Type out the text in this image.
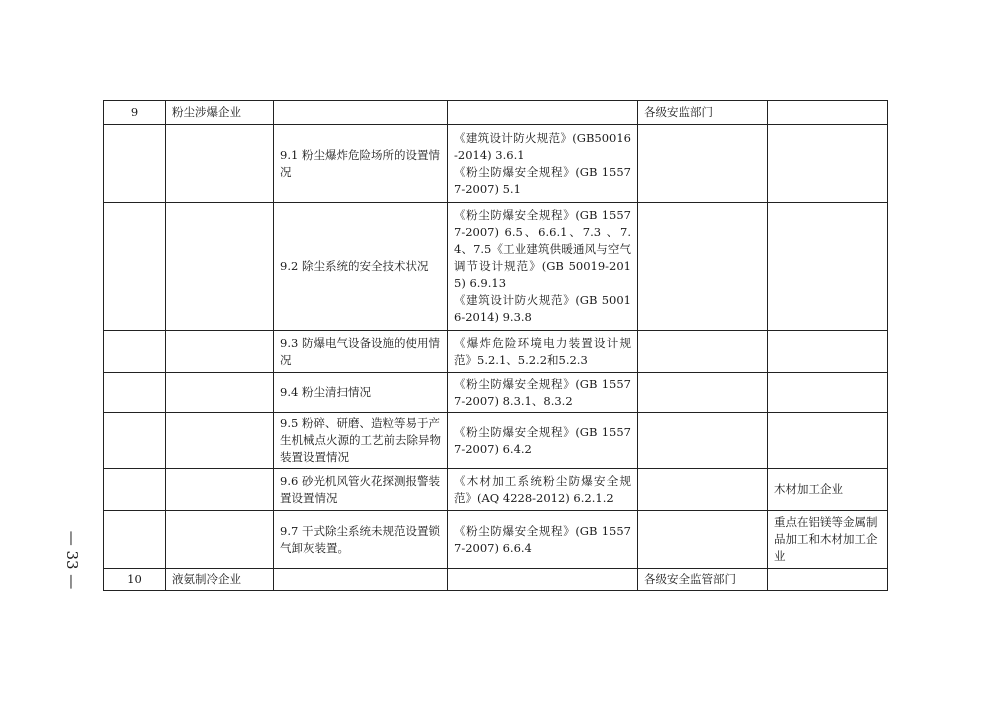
9	粉尘涉爆企业			各级安监部门	
		9.1 粉尘爆炸危险场所的设置情况	《建筑设计防火规范》(GB50016-2014) 3.6.1
《粉尘防爆安全规程》(GB 15577-2007) 5.1		
		9.2 除尘系统的安全技术状况	《粉尘防爆安全规程》(GB 15577-2007) 6.5、6.6.1、7.3 、7.4、7.5《工业建筑供暖通风与空气调节设计规范》(GB 50019-2015) 6.9.13
《建筑设计防火规范》(GB 50016-2014) 9.3.8		
		9.3 防爆电气设备设施的使用情况	《爆炸危险环境电力装置设计规范》5.2.1、5.2.2和5.2.3		
		9.4 粉尘清扫情况	《粉尘防爆安全规程》(GB 15577-2007) 8.3.1、8.3.2		
		9.5 粉碎、研磨、造粒等易于产生机械点火源的工艺前去除异物装置设置情况	《粉尘防爆安全规程》(GB 15577-2007) 6.4.2		
		9.6 砂光机风管火花探测报警装置设置情况	《木材加工系统粉尘防爆安全规范》(AQ 4228-2012) 6.2.1.2		木材加工企业
		9.7 干式除尘系统未规范设置锁气卸灰装置。	《粉尘防爆安全规程》(GB 15577-2007) 6.6.4		重点在铝镁等金属制品加工和木材加工企业
10	液氨制冷企业			各级安全监管部门	
— 33 —
